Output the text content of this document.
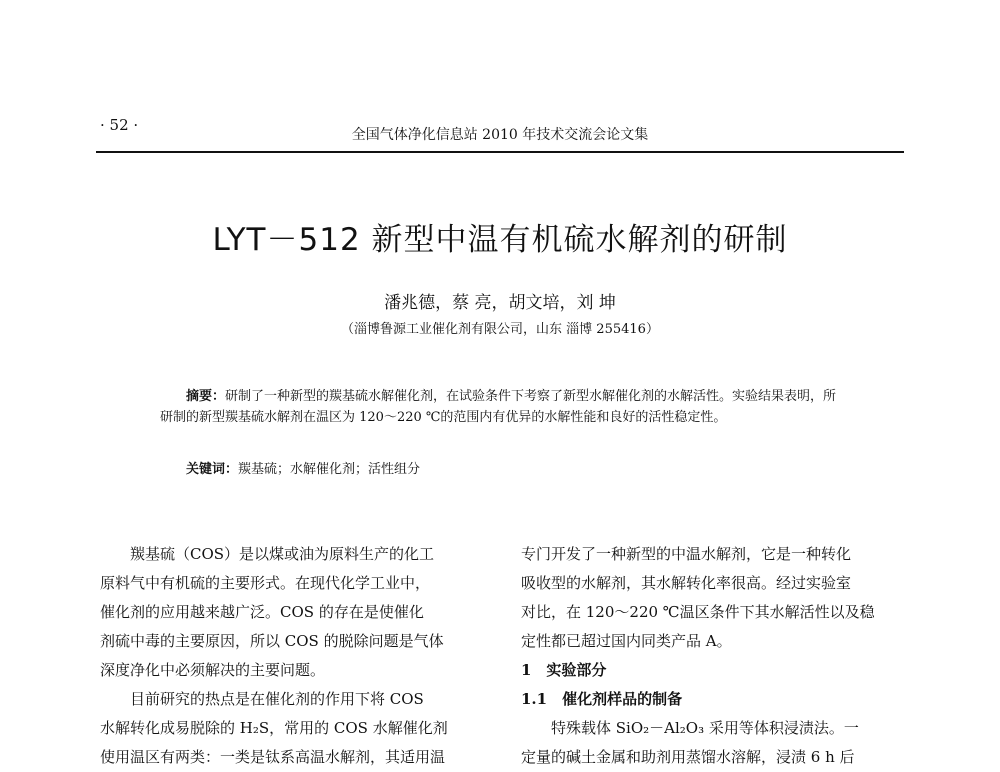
· 52 ·
全国气体净化信息站 2010 年技术交流会论文集
LYT－512 新型中温有机硫水解剂的研制
潘兆德，蔡 亮，胡文培，刘 坤
（淄博鲁源工业催化剂有限公司，山东 淄博 255416）

摘要：研制了一种新型的羰基硫水解催化剂，在试验条件下考察了新型水解催化剂的水解活性。实验结果表明，所研制的新型羰基硫水解剂在温区为 120～220 ℃的范围内有优异的水解性能和良好的活性稳定性。

关键词：羰基硫；水解催化剂；活性组分

羰基硫（COS）是以煤或油为原料生产的化工

原料气中有机硫的主要形式。在现代化学工业中，

催化剂的应用越来越广泛。COS 的存在是使催化

剂硫中毒的主要原因，所以 COS 的脱除问题是气体

深度净化中必须解决的主要问题。

目前研究的热点是在催化剂的作用下将 COS

水解转化成易脱除的 H₂S，常用的 COS 水解催化剂

使用温区有两类：一类是钛系高温水解剂，其适用温

专门开发了一种新型的中温水解剂，它是一种转化

吸收型的水解剂，其水解转化率很高。经过实验室

对比，在 120～220 ℃温区条件下其水解活性以及稳

定性都已超过国内同类产品 A。

1　实验部分

1.1　催化剂样品的制备

特殊载体 SiO₂－Al₂O₃ 采用等体积浸渍法。一

定量的碱土金属和助剂用蒸馏水溶解，浸渍 6 h 后
